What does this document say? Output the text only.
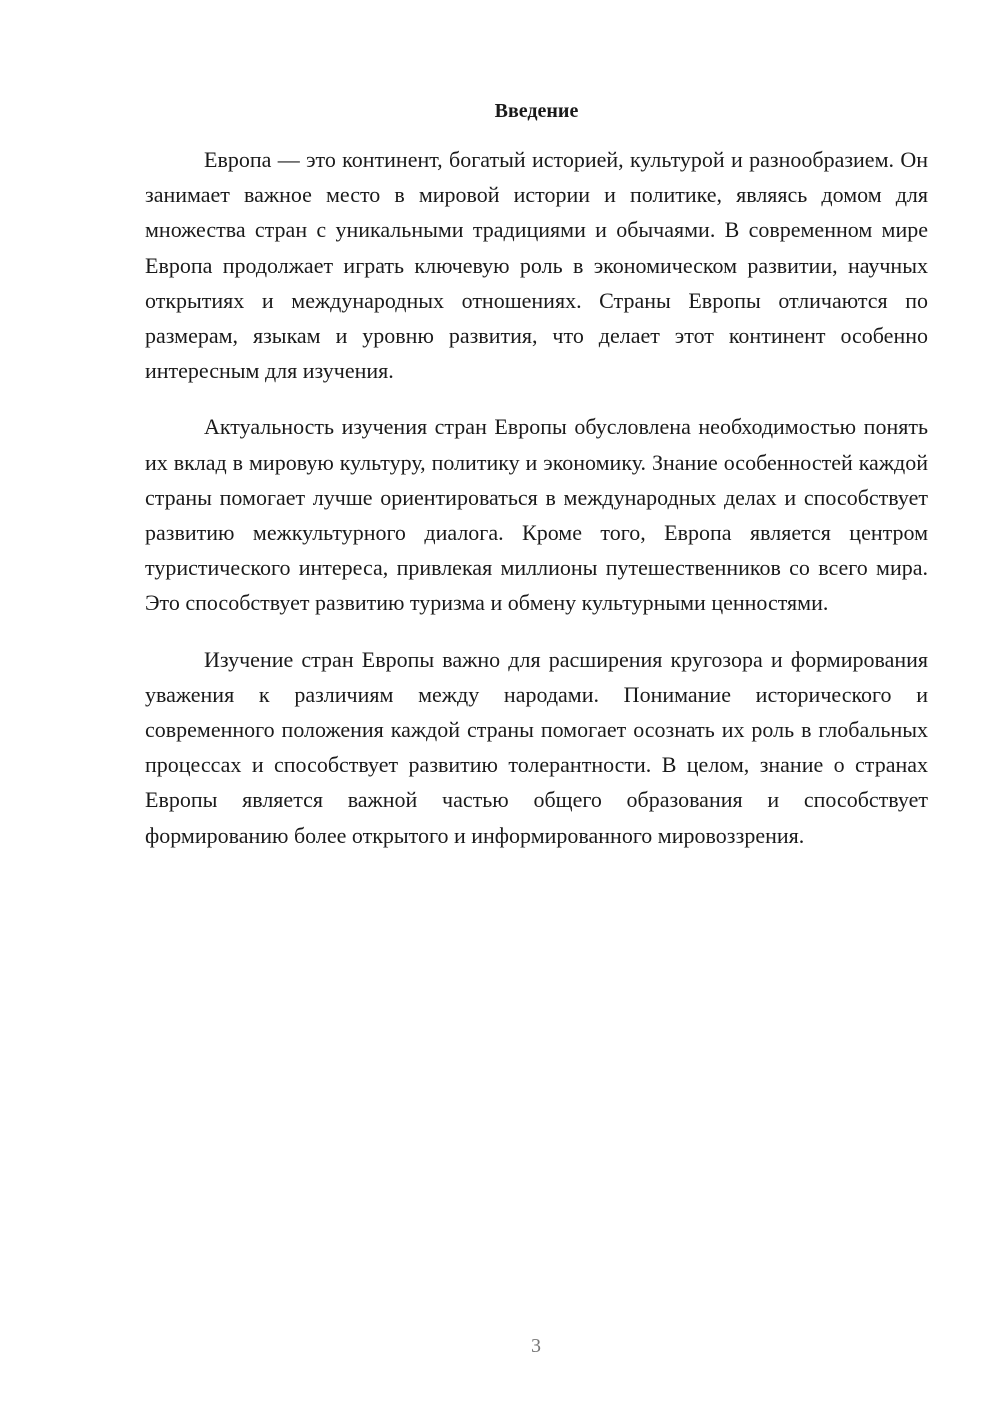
Введение

Европа — это континент, богатый историей, культурой и разнообразием. Он занимает важное место в мировой истории и политике, являясь домом для множества стран с уникальными традициями и обычаями. В современном мире Европа продолжает играть ключевую роль в экономическом развитии, научных открытиях и международных отношениях. Страны Европы отличаются по размерам, языкам и уровню развития, что делает этот континент особенно интересным для изучения.

Актуальность изучения стран Европы обусловлена необходимостью понять их вклад в мировую культуру, политику и экономику. Знание особенностей каждой страны помогает лучше ориентироваться в международных делах и способствует развитию межкультурного диалога. Кроме того, Европа является центром туристического интереса, привлекая миллионы путешественников со всего мира. Это способствует развитию туризма и обмену культурными ценностями.

Изучение стран Европы важно для расширения кругозора и формирования уважения к различиям между народами. Понимание исторического и современного положения каждой страны помогает осознать их роль в глобальных процессах и способствует развитию толерантности. В целом, знание о странах Европы является важной частью общего образования и способствует формированию более открытого и информированного мировоззрения.

3
